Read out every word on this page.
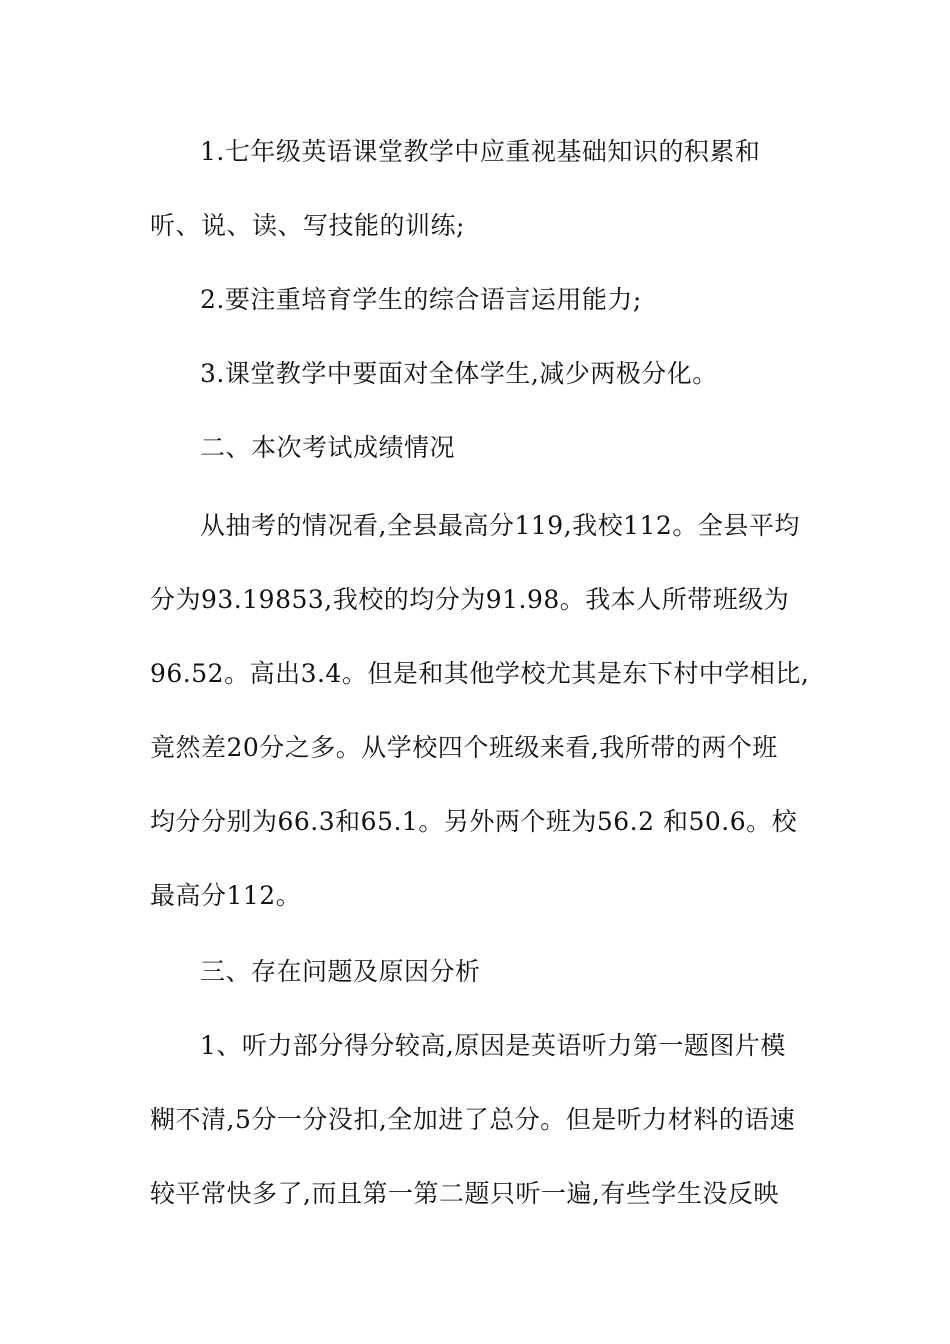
1.七年级英语课堂教学中应重视基础知识的积累和
听、说、读、写技能的训练;
2.要注重培育学生的综合语言运用能力;
3.课堂教学中要面对全体学生,减少两极分化。
二、本次考试成绩情况
从抽考的情况看,全县最高分119,我校112。全县平均
分为93.19853,我校的均分为91.98。我本人所带班级为
96.52。高出3.4。但是和其他学校尤其是东下村中学相比,
竟然差20分之多。从学校四个班级来看,我所带的两个班
均分分别为66.3和65.1。另外两个班为56.2 和50.6。校
最高分112。
三、存在问题及原因分析
1、听力部分得分较高,原因是英语听力第一题图片模
糊不清,5分一分没扣,全加进了总分。但是听力材料的语速
较平常快多了,而且第一第二题只听一遍,有些学生没反映
